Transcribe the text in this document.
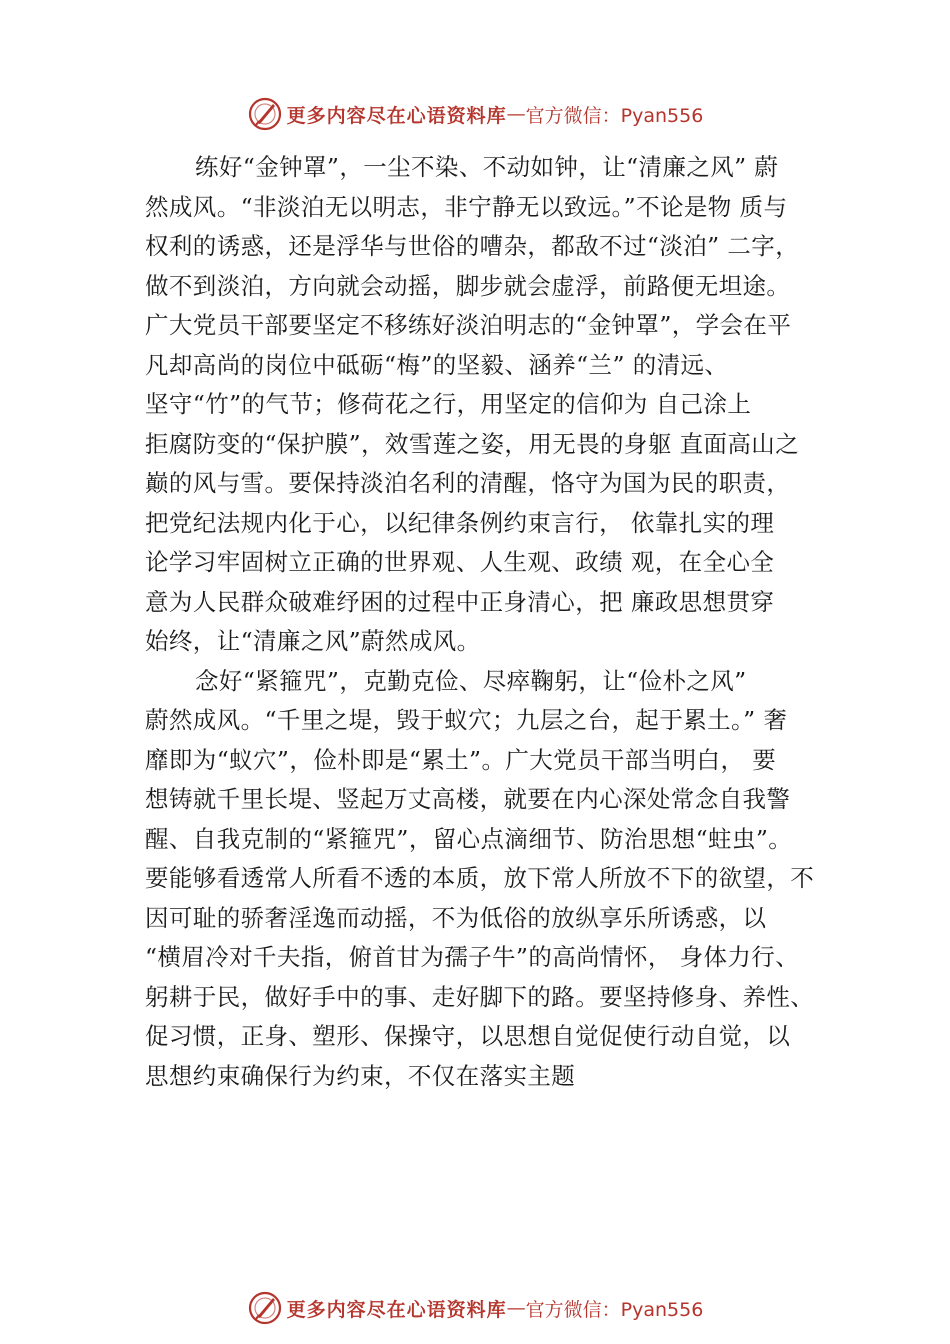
更多内容尽在心语资料库 — 官方微信：Pyan556
练好“金钟罩”，一尘不染、不动如钟，让“清廉之风” 蔚
然成风。“非淡泊无以明志，非宁静无以致远。”不论是物 质与
权利的诱惑，还是浮华与世俗的嘈杂，都敌不过“淡泊” 二字，
做不到淡泊，方向就会动摇，脚步就会虚浮，前路便无坦途。
广大党员干部要坚定不移练好淡泊明志的“金钟罩”，学会在平
凡却高尚的岗位中砥砺“梅”的坚毅、涵养“兰” 的清远、
坚守“竹”的气节；修荷花之行，用坚定的信仰为 自己涂上
拒腐防变的“保护膜”，效雪莲之姿，用无畏的身躯 直面高山之
巅的风与雪。要保持淡泊名利的清醒，恪守为国为民的职责，
把党纪法规内化于心，以纪律条例约束言行， 依靠扎实的理
论学习牢固树立正确的世界观、人生观、政绩 观，在全心全
意为人民群众破难纾困的过程中正身清心，把 廉政思想贯穿
始终，让“清廉之风”蔚然成风。
念好“紧箍咒”，克勤克俭、尽瘁鞠躬，让“俭朴之风”
蔚然成风。“千里之堤，毁于蚁穴；九层之台，起于累土。” 奢
靡即为“蚁穴”，俭朴即是“累土”。广大党员干部当明白， 要
想铸就千里长堤、竖起万丈高楼，就要在内心深处常念自我警
醒、自我克制的“紧箍咒”，留心点滴细节、防治思想“蛀虫”。
要能够看透常人所看不透的本质，放下常人所放不下的欲望，不
因可耻的骄奢淫逸而动摇，不为低俗的放纵享乐所诱惑，以
“横眉冷对千夫指，俯首甘为孺子牛”的高尚情怀， 身体力行、
躬耕于民，做好手中的事、走好脚下的路。要坚持修身、养性、
促习惯，正身、塑形、保操守，以思想自觉促使行动自觉，以
思想约束确保行为约束，不仅在落实主题
更多内容尽在心语资料库 — 官方微信：Pyan556
